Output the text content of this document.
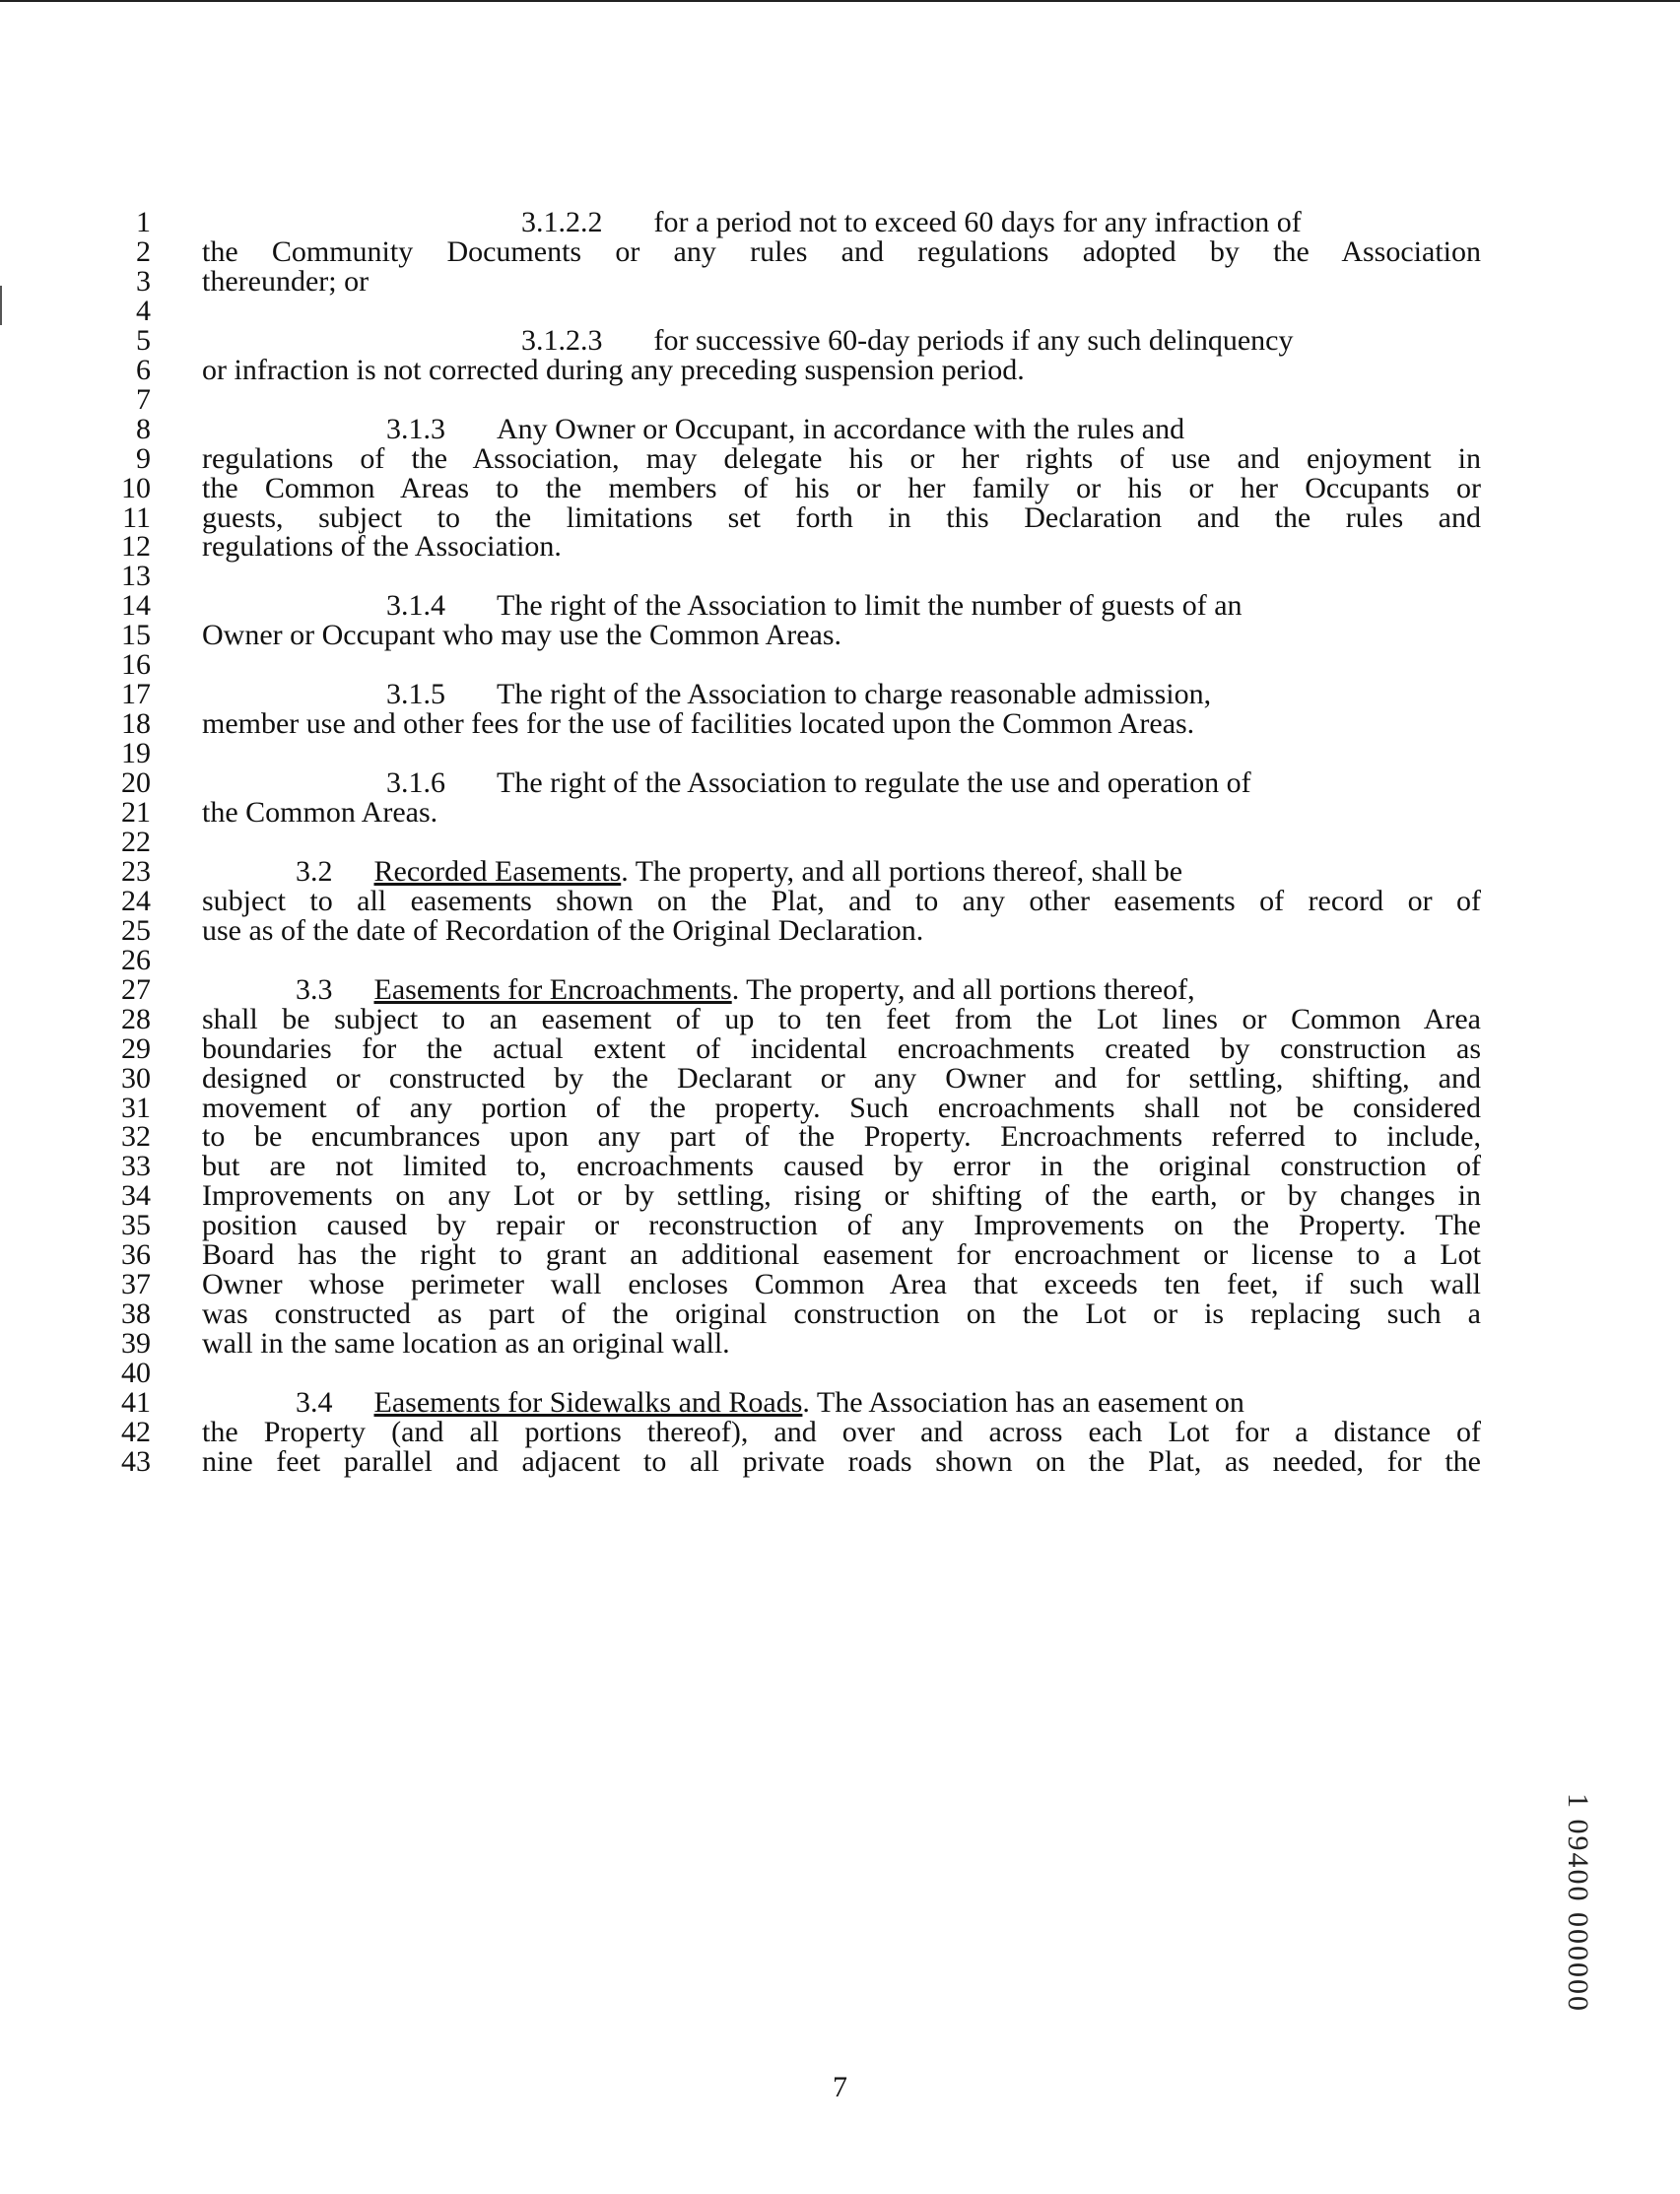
1	3.1.2.2 for a period not to exceed 60 days for any infraction of
2 the Community Documents or any rules and regulations adopted by the Association
3 thereunder; or
4
5	3.1.2.3 for successive 60-day periods if any such delinquency
6 or infraction is not corrected during any preceding suspension period.
7
8	3.1.3 Any Owner or Occupant, in accordance with the rules and
9 regulations of the Association, may delegate his or her rights of use and enjoyment in
10 the Common Areas to the members of his or her family or his or her Occupants or
11 guests, subject to the limitations set forth in this Declaration and the rules and
12 regulations of the Association.
13
14	3.1.4 The right of the Association to limit the number of guests of an
15 Owner or Occupant who may use the Common Areas.
16
17	3.1.5 The right of the Association to charge reasonable admission,
18 member use and other fees for the use of facilities located upon the Common Areas.
19
20	3.1.6 The right of the Association to regulate the use and operation of
21 the Common Areas.
22
23	3.2 Recorded Easements. The property, and all portions thereof, shall be
24 subject to all easements shown on the Plat, and to any other easements of record or of
25 use as of the date of Recordation of the Original Declaration.
26
27	3.3 Easements for Encroachments. The property, and all portions thereof,
28 shall be subject to an easement of up to ten feet from the Lot lines or Common Area
29 boundaries for the actual extent of incidental encroachments created by construction as
30 designed or constructed by the Declarant or any Owner and for settling, shifting, and
31 movement of any portion of the property. Such encroachments shall not be considered
32 to be encumbrances upon any part of the Property. Encroachments referred to include,
33 but are not limited to, encroachments caused by error in the original construction of
34 Improvements on any Lot or by settling, rising or shifting of the earth, or by changes in
35 position caused by repair or reconstruction of any Improvements on the Property. The
36 Board has the right to grant an additional easement for encroachment or license to a Lot
37 Owner whose perimeter wall encloses Common Area that exceeds ten feet, if such wall
38 was constructed as part of the original construction on the Lot or is replacing such a
39 wall in the same location as an original wall.
40
41	3.4 Easements for Sidewalks and Roads. The Association has an easement on
42 the Property (and all portions thereof), and over and across each Lot for a distance of
43 nine feet parallel and adjacent to all private roads shown on the Plat, as needed, for the
7
1 09400 000000
